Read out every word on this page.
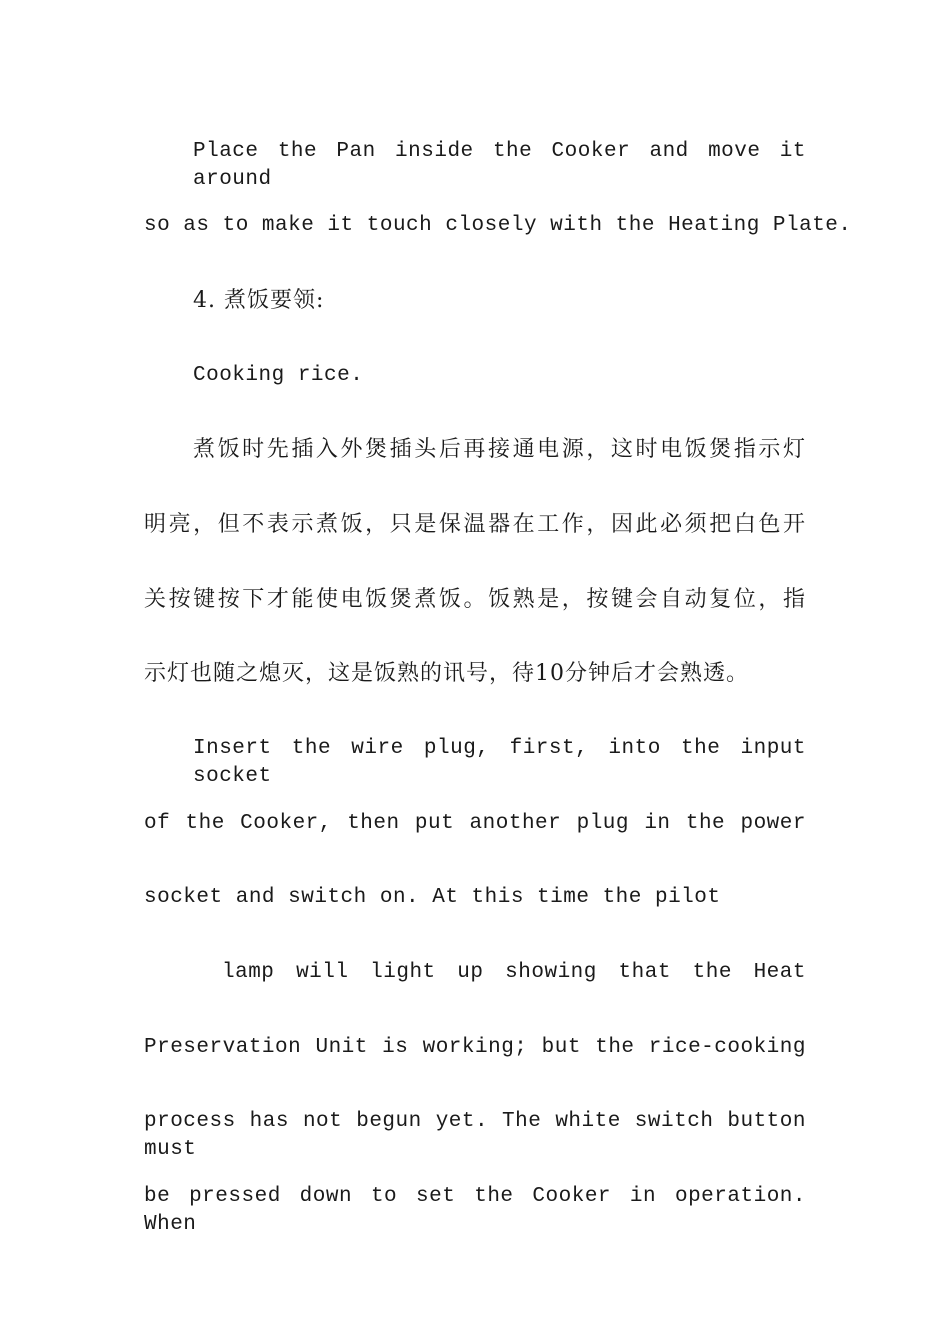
Place the Pan inside the Cooker and move it around

so as to make it touch closely with the Heating Plate.

4. 煮饭要领:

Cooking rice.

煮饭时先插入外煲插头后再接通电源，这时电饭煲指示灯

明亮，但不表示煮饭，只是保温器在工作，因此必须把白色开

关按键按下才能使电饭煲煮饭。饭熟是，按键会自动复位，指

示灯也随之熄灭，这是饭熟的讯号，待10分钟后才会熟透。

Insert the wire plug, first, into the input socket

of the Cooker, then put another plug in the power

socket and switch on. At this time the pilot

lamp will light up showing that the Heat

Preservation Unit is working; but the rice-cooking

process has not begun yet. The white switch button must

be pressed down to set the Cooker in operation. When
